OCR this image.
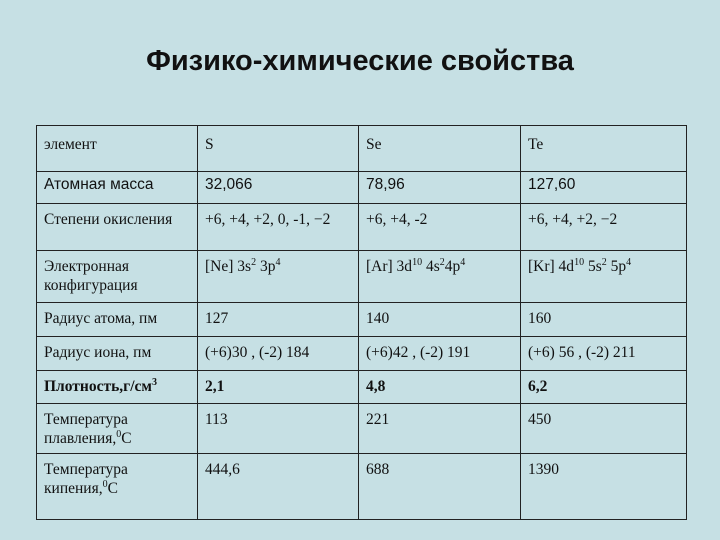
Физико-химические свойства
элемент	S	Se	Te
Атомная масса	32,066	78,96	127,60
Степени окисления	+6, +4, +2, 0, -1, −2	+6, +4, -2	+6, +4, +2, −2
Электронная конфигурация	[Ne] $3s^2$ $3p^4$	[Ar] $3d^{10}$ $4s^24p^4$	[Kr] $4d^{10}$ $5s^2$ $5p^4$
Радиус атома, пм	127	140	160
Радиус иона, пм	(+6)30 , (-2) 184	(+6)42 , (-2) 191	(+6) 56 , (-2) 211
$Плотность,г/см^3$	2,1	4,8	6,2
Температура плавления,$^0$С	113	221	450
Температура кипения,$^0$С	444,6	688	1390
